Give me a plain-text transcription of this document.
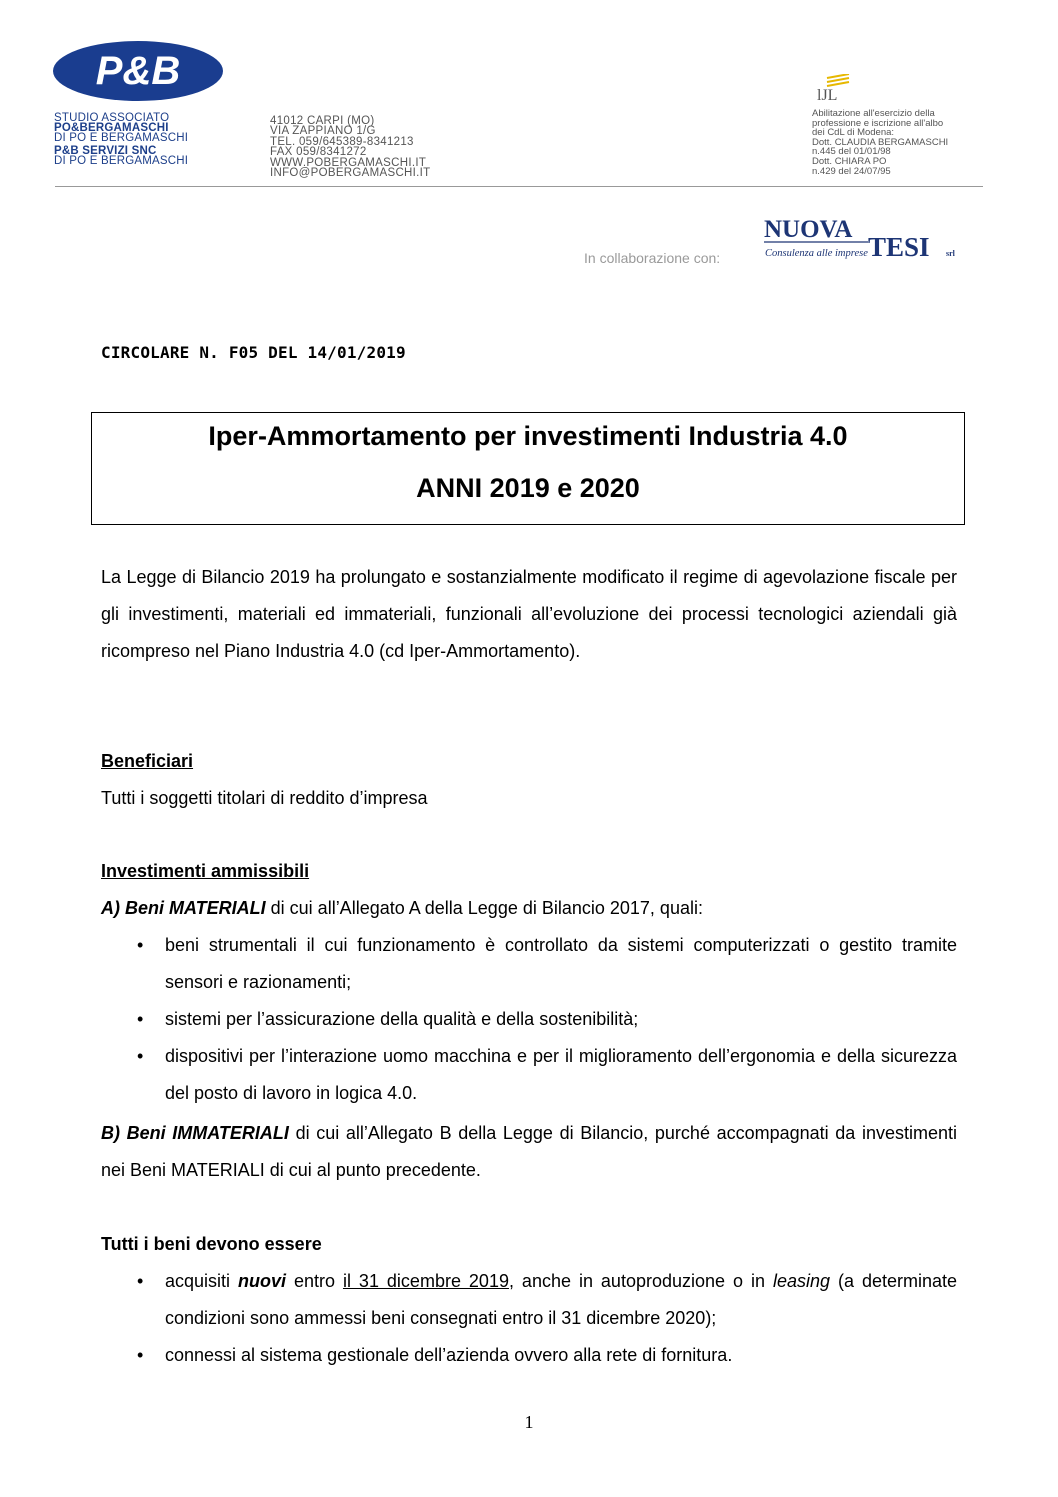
P&B
STUDIO ASSOCIATO
PO&BERGAMASCHI
DI PO E BERGAMASCHI
P&B SERVIZI SNC
DI PO E BERGAMASCHI
41012 CARPI (MO)
VIA ZAPPIANO 1/G
TEL. 059/645389-8341213
FAX 059/8341272
WWW.POBERGAMASCHI.IT
INFO@POBERGAMASCHI.IT
lJL
Abilitazione all'esercizio della
professione e iscrizione all'albo
dei CdL di Modena:
Dott. CLAUDIA BERGAMASCHI
n.445 del 01/01/98
Dott. CHIARA PO
n.429 del 24/07/95
In collaborazione con:
NUOVA
TESI srl
Consulenza alle imprese
CIRCOLARE N. F05 DEL 14/01/2019
Iper-Ammortamento per investimenti Industria 4.0
ANNI 2019 e 2020
La Legge di Bilancio 2019 ha prolungato e sostanzialmente modificato il regime di agevolazione fiscale per gli investimenti, materiali ed immateriali, funzionali all’evoluzione dei processi tecnologici aziendali già ricompreso nel Piano Industria 4.0 (cd Iper-Ammortamento).
Beneficiari
Tutti i soggetti titolari di reddito d’impresa
Investimenti ammissibili
A) Beni MATERIALI di cui all’Allegato A della Legge di Bilancio 2017, quali:
• beni strumentali il cui funzionamento è controllato da sistemi computerizzati o gestito tramite sensori e razionamenti;
• sistemi per l’assicurazione della qualità e della sostenibilità;
• dispositivi per l’interazione uomo macchina e per il miglioramento dell’ergonomia e della sicurezza del posto di lavoro in logica 4.0.
B) Beni IMMATERIALI di cui all’Allegato B della Legge di Bilancio, purché accompagnati da investimenti nei Beni MATERIALI di cui al punto precedente.
Tutti i beni devono essere
• acquisiti nuovi entro il 31 dicembre 2019, anche in autoproduzione o in leasing (a determinate condizioni sono ammessi beni consegnati entro il 31 dicembre 2020);
• connessi al sistema gestionale dell’azienda ovvero alla rete di fornitura.
1
